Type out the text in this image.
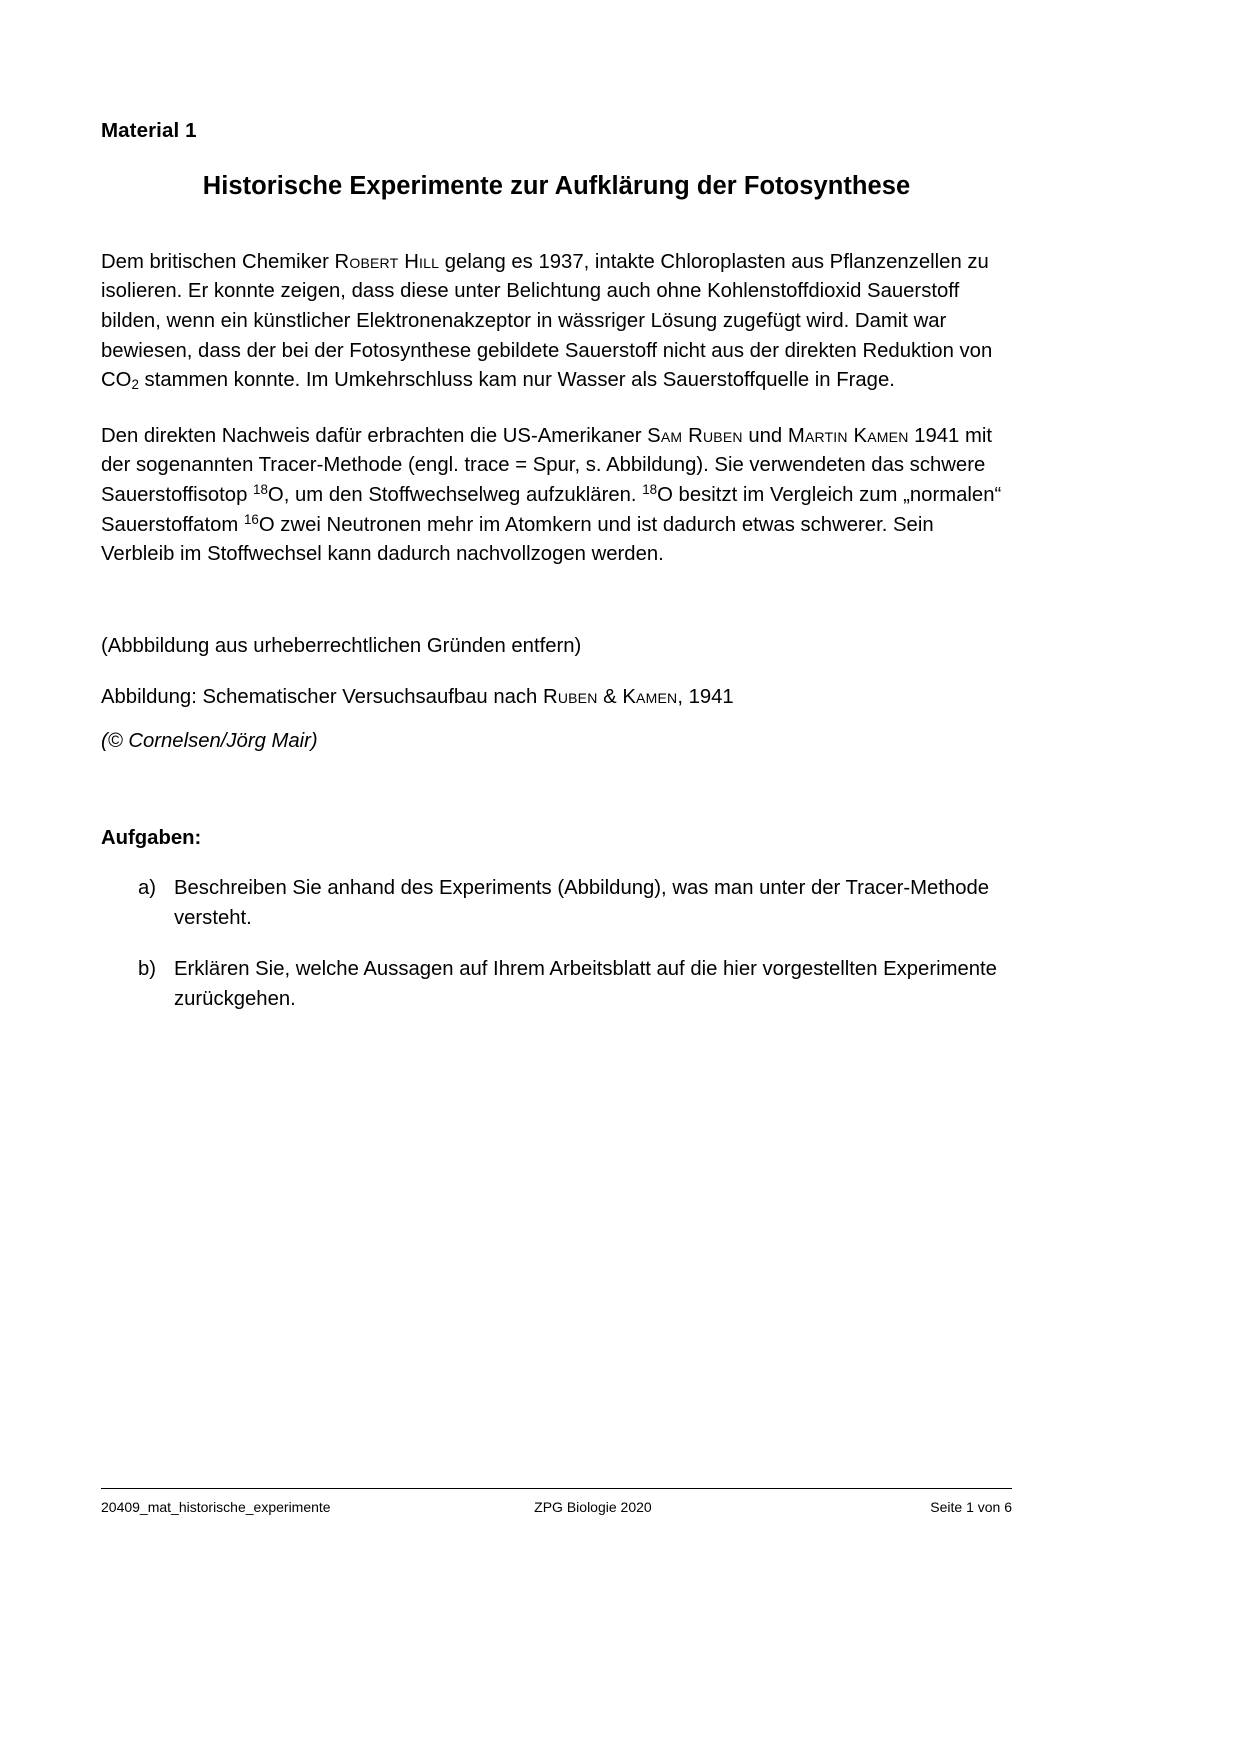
Material 1
Historische Experimente zur Aufklärung der Fotosynthese

Dem britischen Chemiker Robert Hill gelang es 1937, intakte Chloroplasten aus Pflanzenzellen zu isolieren. Er konnte zeigen, dass diese unter Belichtung auch ohne Kohlenstoffdioxid Sauerstoff bilden, wenn ein künstlicher Elektronenakzeptor in wässriger Lösung zugefügt wird. Damit war bewiesen, dass der bei der Fotosynthese gebildete Sauerstoff nicht aus der direkten Reduktion von $CO_2$ stammen konnte. Im Umkehrschluss kam nur Wasser als Sauerstoffquelle in Frage.

Den direkten Nachweis dafür erbrachten die US-Amerikaner Sam Ruben und Martin Kamen 1941 mit der sogenannten Tracer-Methode (engl. trace = Spur, s. Abbildung). Sie verwendeten das schwere Sauerstoffisotop $^{18}$O, um den Stoffwechselweg aufzuklären. $^{18}$O besitzt im Vergleich zum „normalen“ Sauerstoffatom $^{16}$O zwei Neutronen mehr im Atomkern und ist dadurch etwas schwerer. Sein Verbleib im Stoffwechsel kann dadurch nachvollzogen werden.

(Abbbildung aus urheberrechtlichen Gründen entfern)

Abbildung: Schematischer Versuchsaufbau nach Ruben & Kamen, 1941

(© Cornelsen/Jörg Mair)

Aufgaben:
a) Beschreiben Sie anhand des Experiments (Abbildung), was man unter der Tracer-Methode versteht.
b) Erklären Sie, welche Aussagen auf Ihrem Arbeitsblatt auf die hier vorgestellten Experimente zurückgehen.
20409_mat_historische_experimente	ZPG Biologie 2020	Seite 1 von 6
